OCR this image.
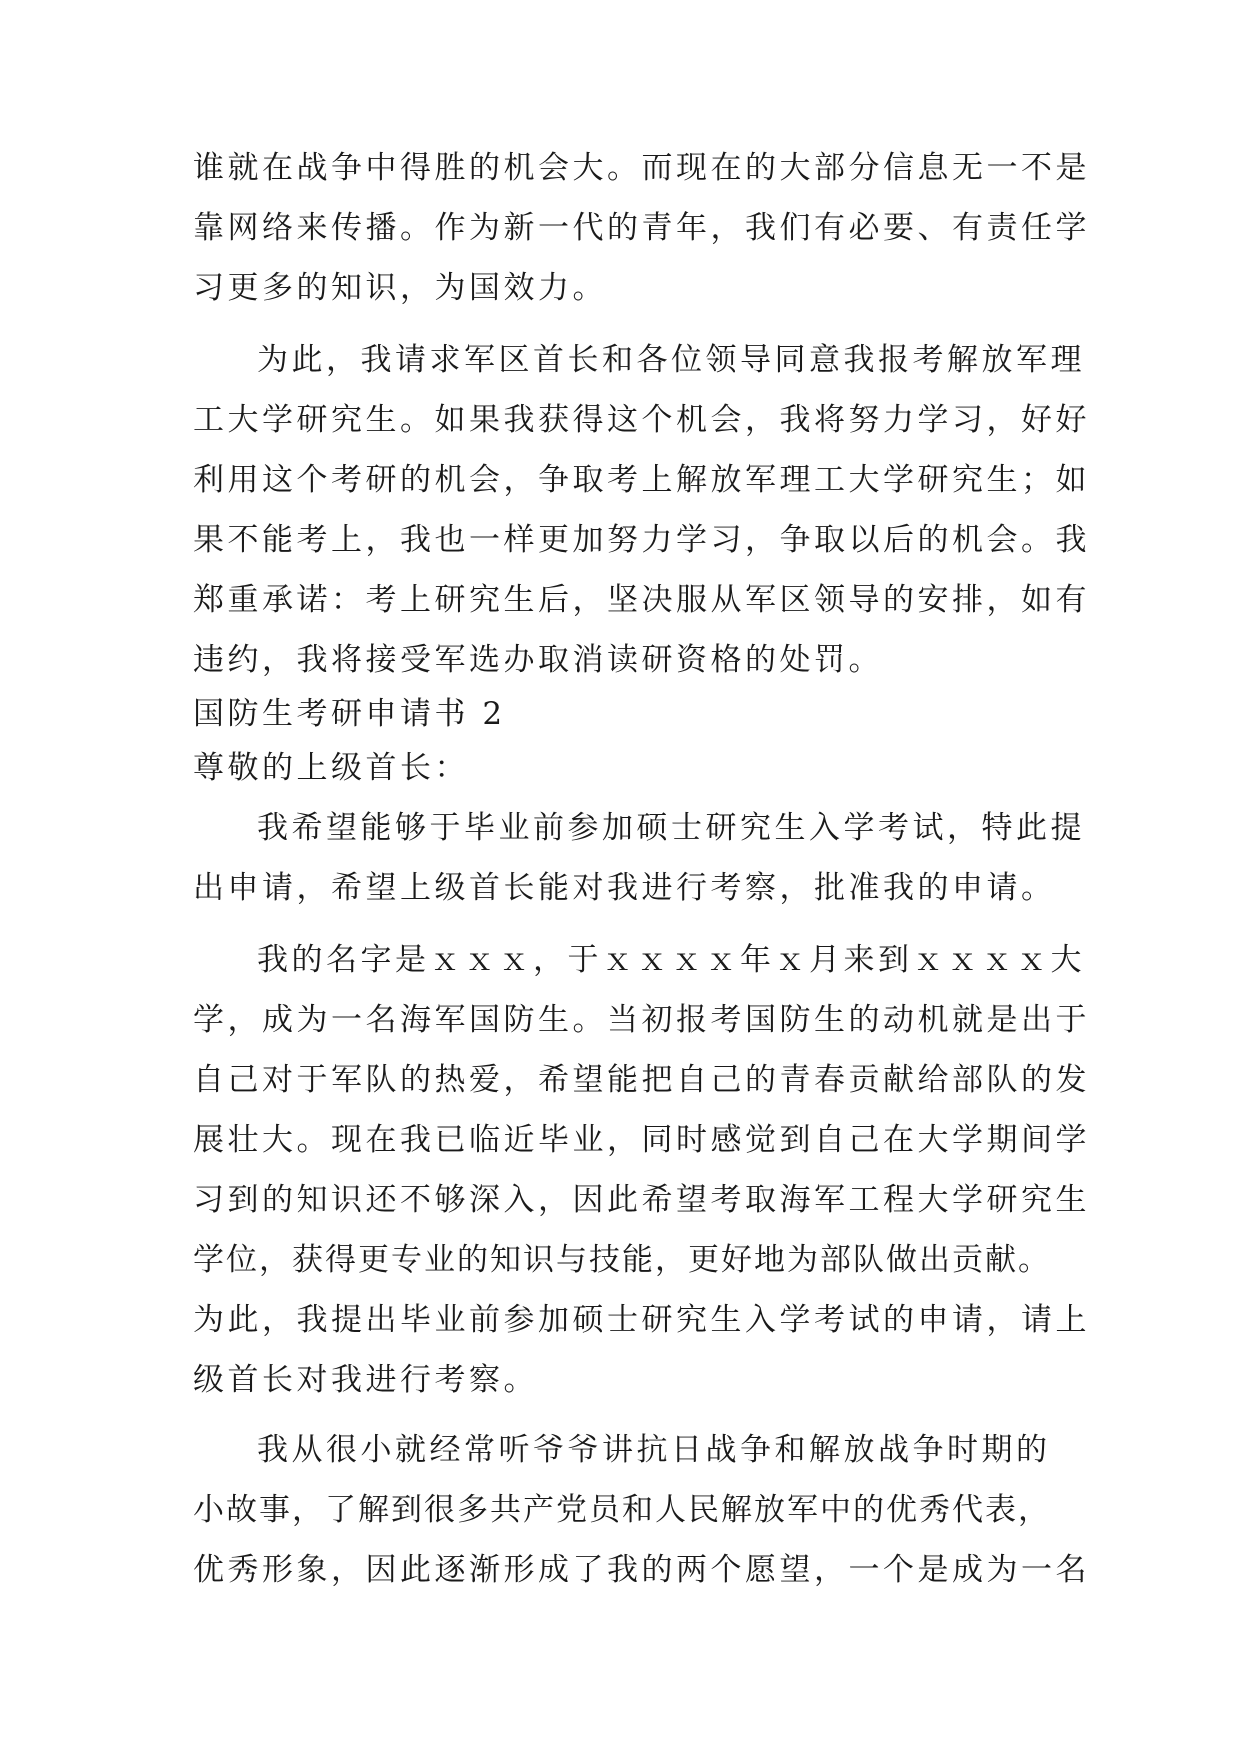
谁就在战争中得胜的机会大。而现在的大部分信息无一不是
靠网络来传播。作为新一代的青年，我们有必要、有责任学
习更多的知识，为国效力。
为此，我请求军区首长和各位领导同意我报考解放军理
工大学研究生。如果我获得这个机会，我将努力学习，好好
利用这个考研的机会，争取考上解放军理工大学研究生；如
果不能考上，我也一样更加努力学习，争取以后的机会。我
郑重承诺：考上研究生后，坚决服从军区领导的安排，如有
违约，我将接受军选办取消读研资格的处罚。
国防生考研申请书 2
尊敬的上级首长：
我希望能够于毕业前参加硕士研究生入学考试，特此提
出申请，希望上级首长能对我进行考察，批准我的申请。
我的名字是ｘｘｘ，于ｘｘｘｘ年ｘ月来到ｘｘｘｘ大
学，成为一名海军国防生。当初报考国防生的动机就是出于
自己对于军队的热爱，希望能把自己的青春贡献给部队的发
展壮大。现在我已临近毕业，同时感觉到自己在大学期间学
习到的知识还不够深入，因此希望考取海军工程大学研究生
学位，获得更专业的知识与技能，更好地为部队做出贡献。
为此，我提出毕业前参加硕士研究生入学考试的申请，请上
级首长对我进行考察。
我从很小就经常听爷爷讲抗日战争和解放战争时期的
小故事，了解到很多共产党员和人民解放军中的优秀代表，
优秀形象，因此逐渐形成了我的两个愿望，一个是成为一名
